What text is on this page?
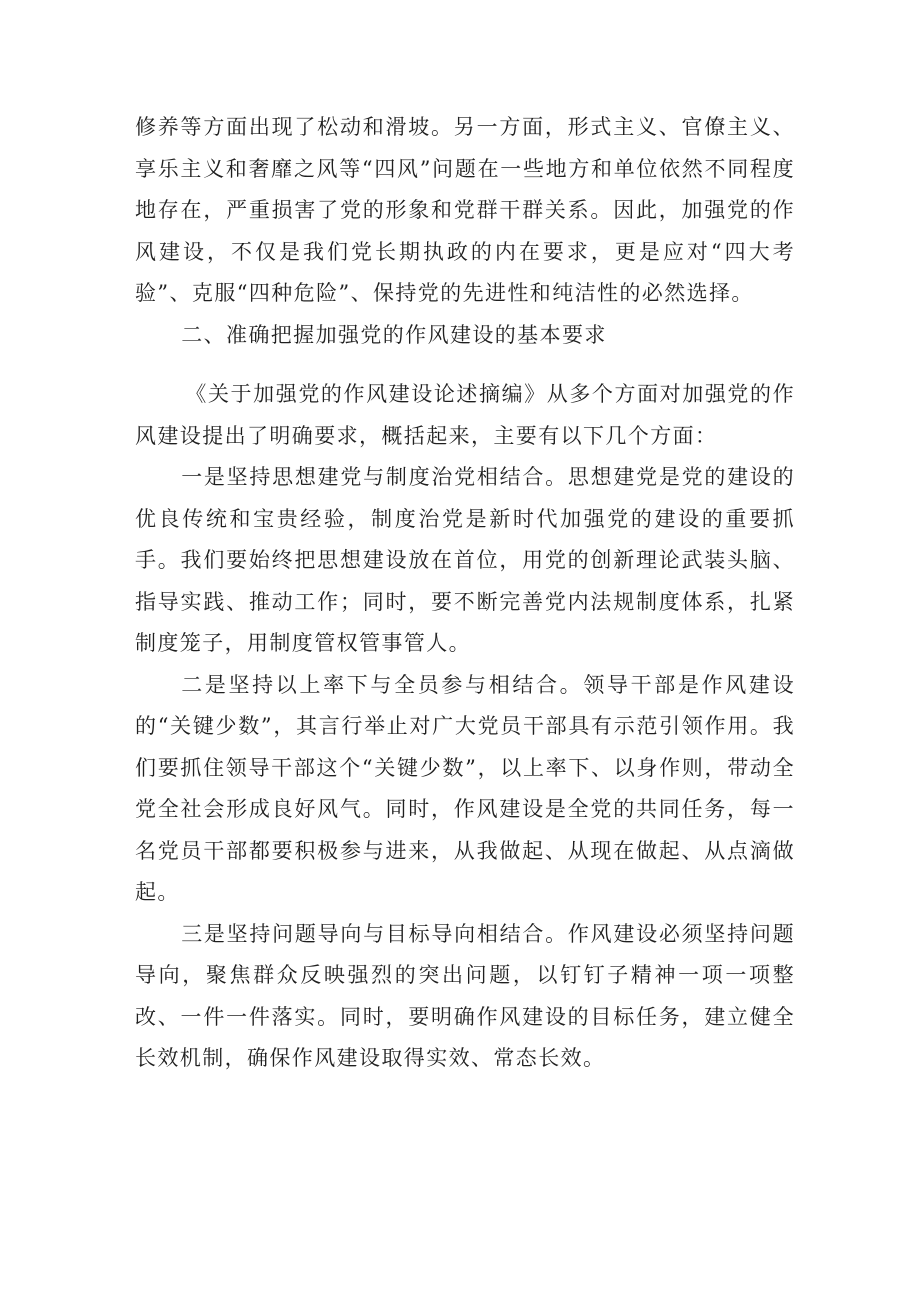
修养等方面出现了松动和滑坡。另一方面，形式主义、官僚主义、享乐主义和奢靡之风等“四风”问题在一些地方和单位依然不同程度地存在，严重损害了党的形象和党群干群关系。因此，加强党的作风建设，不仅是我们党长期执政的内在要求，更是应对“四大考验”、克服“四种危险”、保持党的先进性和纯洁性的必然选择。

二、准确把握加强党的作风建设的基本要求

《关于加强党的作风建设论述摘编》从多个方面对加强党的作风建设提出了明确要求，概括起来，主要有以下几个方面：

一是坚持思想建党与制度治党相结合。思想建党是党的建设的优良传统和宝贵经验，制度治党是新时代加强党的建设的重要抓手。我们要始终把思想建设放在首位，用党的创新理论武装头脑、指导实践、推动工作；同时，要不断完善党内法规制度体系，扎紧制度笼子，用制度管权管事管人。

二是坚持以上率下与全员参与相结合。领导干部是作风建设的“关键少数”，其言行举止对广大党员干部具有示范引领作用。我们要抓住领导干部这个“关键少数”，以上率下、以身作则，带动全党全社会形成良好风气。同时，作风建设是全党的共同任务，每一名党员干部都要积极参与进来，从我做起、从现在做起、从点滴做起。

三是坚持问题导向与目标导向相结合。作风建设必须坚持问题导向，聚焦群众反映强烈的突出问题，以钉钉子精神一项一项整改、一件一件落实。同时，要明确作风建设的目标任务，建立健全长效机制，确保作风建设取得实效、常态长效。
